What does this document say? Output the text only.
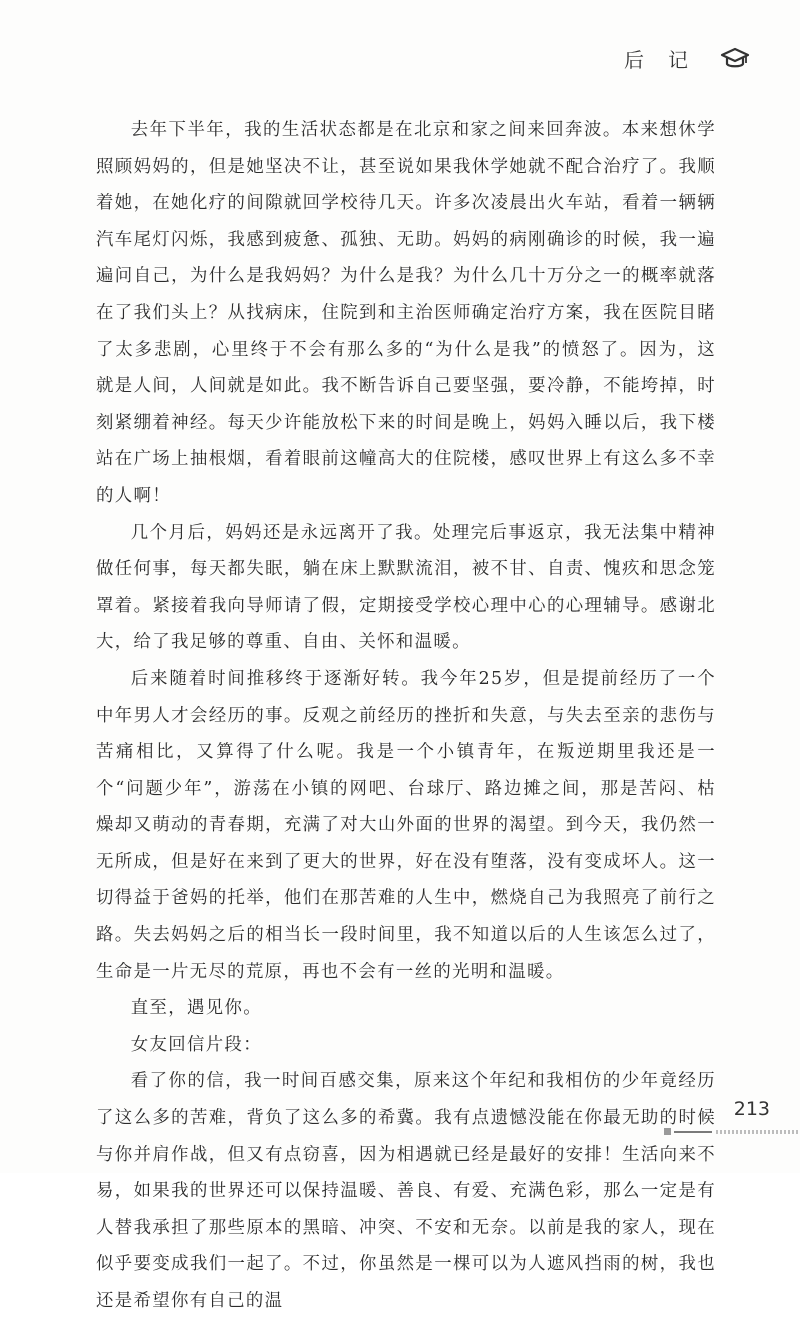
后记

去年下半年，我的生活状态都是在北京和家之间来回奔波。本来想休学照顾妈妈的，但是她坚决不让，甚至说如果我休学她就不配合治疗了。我顺着她，在她化疗的间隙就回学校待几天。许多次凌晨出火车站，看着一辆辆汽车尾灯闪烁，我感到疲惫、孤独、无助。妈妈的病刚确诊的时候，我一遍遍问自己，为什么是我妈妈？为什么是我？为什么几十万分之一的概率就落在了我们头上？从找病床，住院到和主治医师确定治疗方案，我在医院目睹了太多悲剧，心里终于不会有那么多的“为什么是我”的愤怒了。因为，这就是人间，人间就是如此。我不断告诉自己要坚强，要冷静，不能垮掉，时刻紧绷着神经。每天少许能放松下来的时间是晚上，妈妈入睡以后，我下楼站在广场上抽根烟，看着眼前这幢高大的住院楼，感叹世界上有这么多不幸的人啊！

几个月后，妈妈还是永远离开了我。处理完后事返京，我无法集中精神做任何事，每天都失眠，躺在床上默默流泪，被不甘、自责、愧疚和思念笼罩着。紧接着我向导师请了假，定期接受学校心理中心的心理辅导。感谢北大，给了我足够的尊重、自由、关怀和温暖。

后来随着时间推移终于逐渐好转。我今年25岁，但是提前经历了一个中年男人才会经历的事。反观之前经历的挫折和失意，与失去至亲的悲伤与苦痛相比，又算得了什么呢。我是一个小镇青年，在叛逆期里我还是一个“问题少年”，游荡在小镇的网吧、台球厅、路边摊之间，那是苦闷、枯燥却又萌动的青春期，充满了对大山外面的世界的渴望。到今天，我仍然一无所成，但是好在来到了更大的世界，好在没有堕落，没有变成坏人。这一切得益于爸妈的托举，他们在那苦难的人生中，燃烧自己为我照亮了前行之路。失去妈妈之后的相当长一段时间里，我不知道以后的人生该怎么过了，生命是一片无尽的荒原，再也不会有一丝的光明和温暖。

直至，遇见你。

女友回信片段：

看了你的信，我一时间百感交集，原来这个年纪和我相仿的少年竟经历了这么多的苦难，背负了这么多的希冀。我有点遗憾没能在你最无助的时候与你并肩作战，但又有点窃喜，因为相遇就已经是最好的安排！生活向来不易，如果我的世界还可以保持温暖、善良、有爱、充满色彩，那么一定是有人替我承担了那些原本的黑暗、冲突、不安和无奈。以前是我的家人，现在似乎要变成我们一起了。不过，你虽然是一棵可以为人遮风挡雨的树，我也还是希望你有自己的温

213
